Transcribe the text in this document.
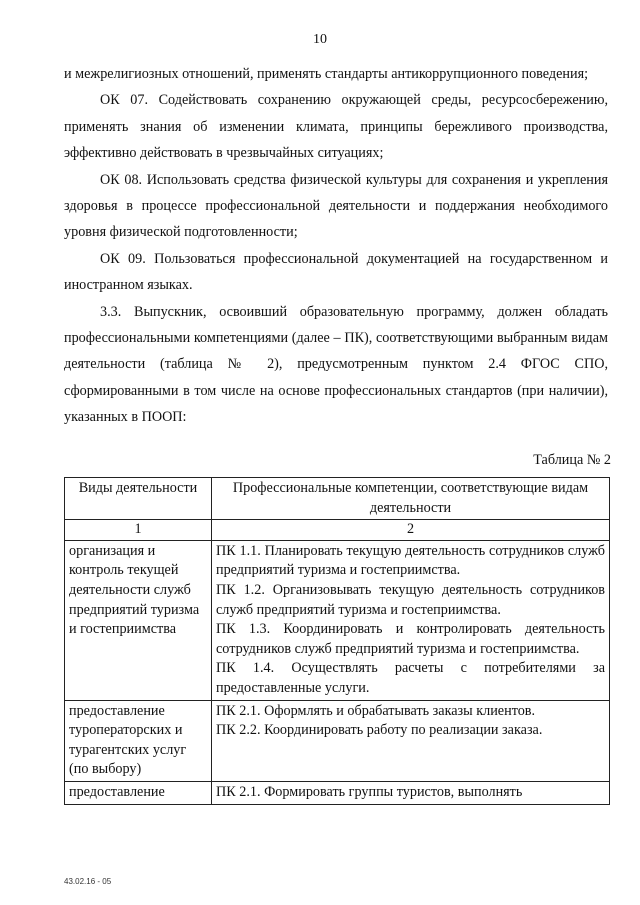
10

и межрелигиозных отношений, применять стандарты антикоррупционного поведения;

ОК 07. Содействовать сохранению окружающей среды, ресурсосбережению, применять знания об изменении климата, принципы бережливого производства, эффективно действовать в чрезвычайных ситуациях;

ОК 08. Использовать средства физической культуры для сохранения и укрепления здоровья в процессе профессиональной деятельности и поддержания необходимого уровня физической подготовленности;

ОК 09. Пользоваться профессиональной документацией на государственном и иностранном языках.

3.3. Выпускник, освоивший образовательную программу, должен обладать профессиональными компетенциями (далее – ПК), соответствующими выбранным видам деятельности (таблица № 2), предусмотренным пунктом 2.4 ФГОС СПО, сформированными в том числе на основе профессиональных стандартов (при наличии), указанных в ПООП:

Таблица № 2
Виды деятельности	Профессиональные компетенции, соответствующие видам деятельности
1	2
организация и контроль текущей деятельности служб предприятий туризма и гостеприимства	ПК 1.1. Планировать текущую деятельность сотрудников служб предприятий туризма и гостеприимства.

ПК 1.2. Организовывать текущую деятельность сотрудников служб предприятий туризма и гостеприимства.

ПК 1.3. Координировать и контролировать деятельность сотрудников служб предприятий туризма и гостеприимства.

ПК 1.4. Осуществлять расчеты с потребителями за предоставленные услуги.

предоставление туроператорских и турагентских услуг (по выбору)	ПК 2.1. Оформлять и обрабатывать заказы клиентов.

ПК 2.2. Координировать работу по реализации заказа.

предоставление	ПК 2.1. Формировать группы туристов, выполнять

43.02.16 - 05
